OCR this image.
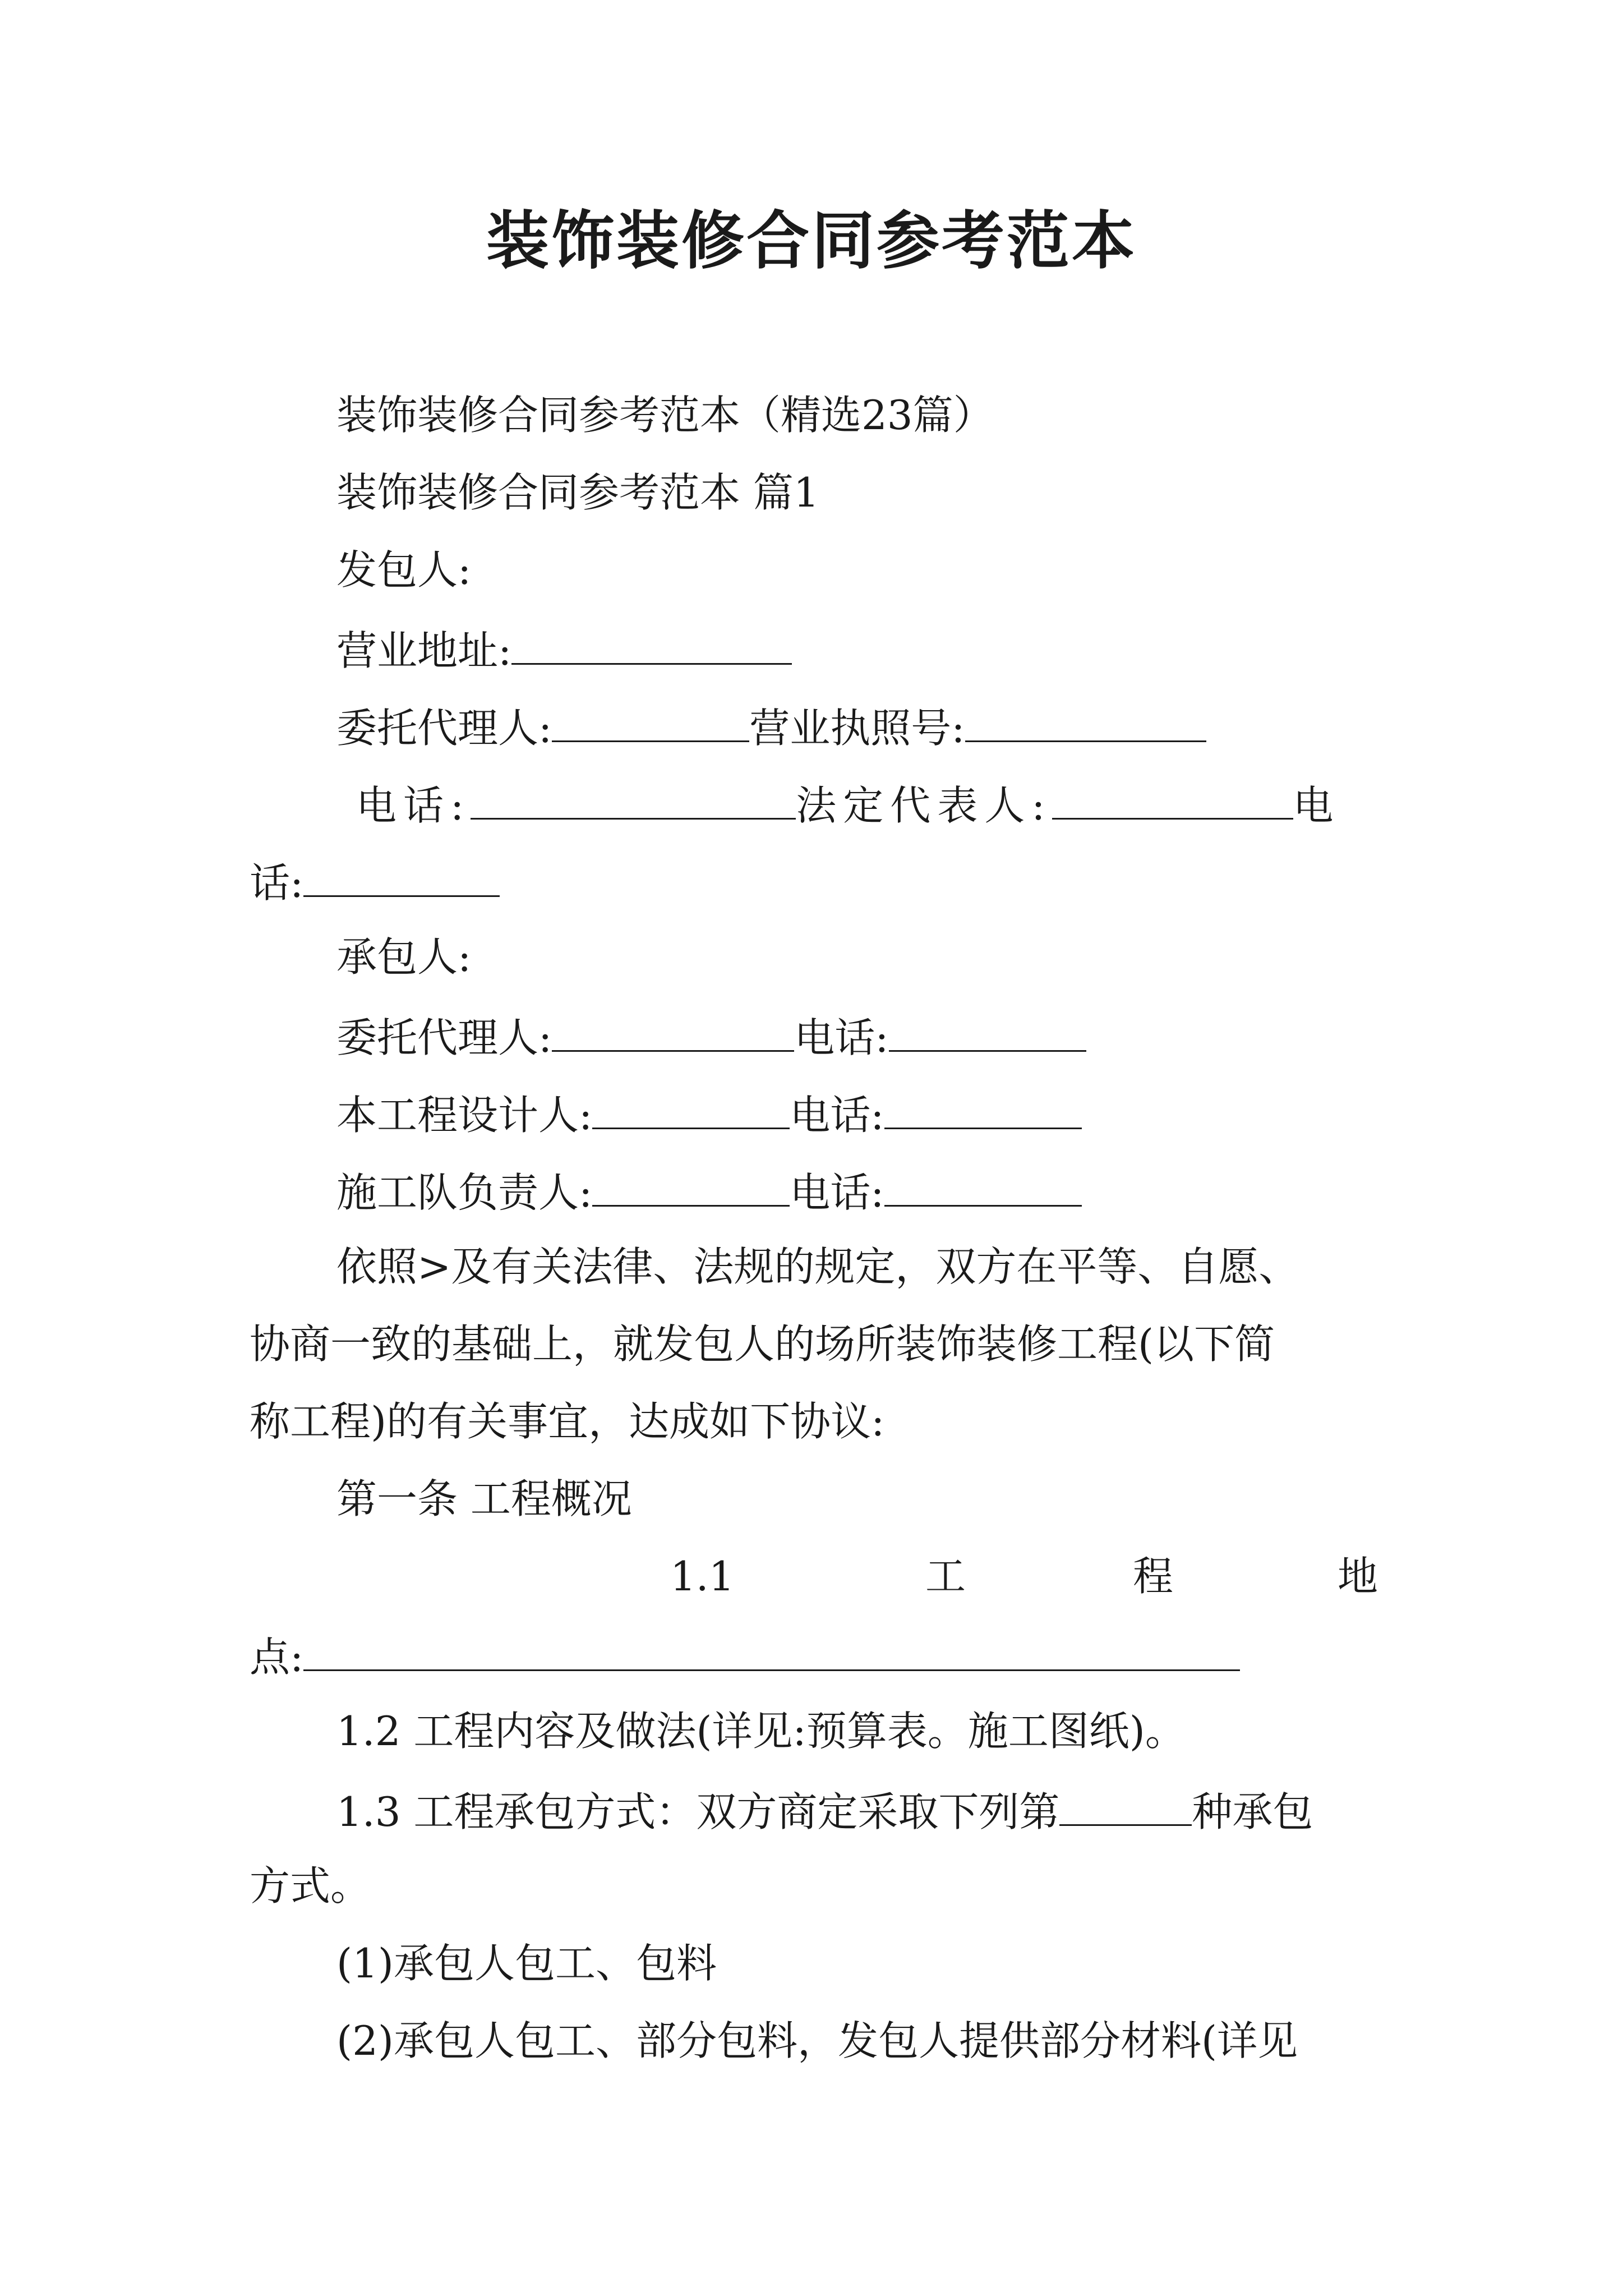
装饰装修合同参考范本
装饰装修合同参考范本（精选23篇）
装饰装修合同参考范本 篇1
发包人:
营业地址:
委托代理人:	营业执照号:
电话:	法定代表人:	电
话:
承包人:
委托代理人:	电话:
本工程设计人:	电话:
施工队负责人:	电话:
依照>及有关法律、法规的规定，双方在平等、自愿、
协商一致的基础上，就发包人的场所装饰装修工程(以下简
称工程)的有关事宜，达成如下协议:
第一条 工程概况
1.1	工	程	地
点:
1.2 工程内容及做法(详见:预算表。施工图纸)。
1.3 工程承包方式：双方商定采取下列第	种承包
方式。
(1)承包人包工、包料
(2)承包人包工、部分包料，发包人提供部分材料(详见
